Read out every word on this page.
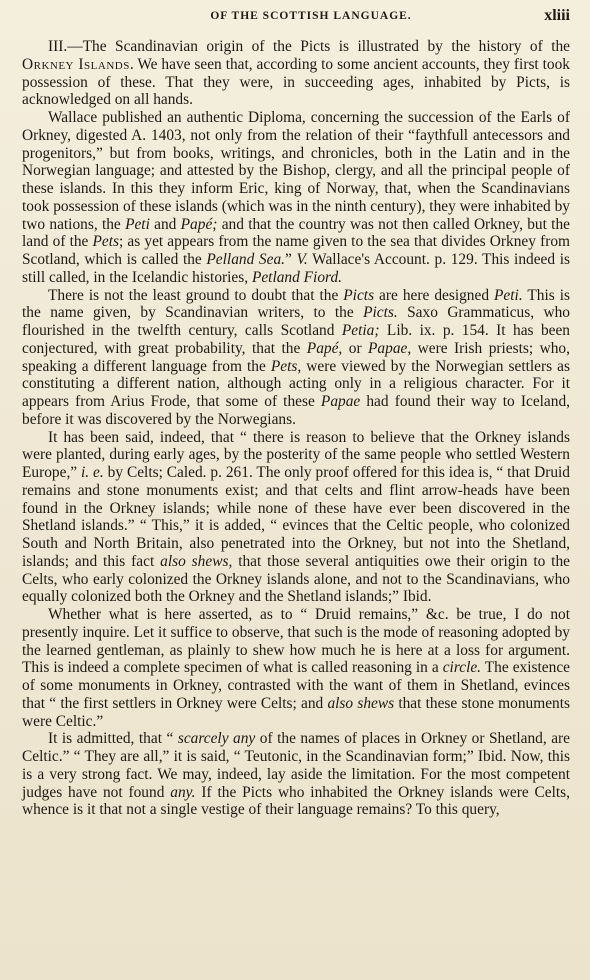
OF THE SCOTTISH LANGUAGE.	xliii

III.—The Scandinavian origin of the Picts is illustrated by the history of the Orkney Islands. We have seen that, according to some ancient accounts, they first took possession of these. That they were, in succeeding ages, inhabited by Picts, is acknowledged on all hands.

Wallace published an authentic Diploma, concerning the succession of the Earls of Orkney, digested A. 1403, not only from the relation of their “faythfull antecessors and progenitors,” but from books, writings, and chronicles, both in the Latin and in the Norwegian language; and attested by the Bishop, clergy, and all the principal people of these islands. In this they inform Eric, king of Norway, that, when the Scandinavians took possession of these islands (which was in the ninth century), they were inhabited by two nations, the Peti and Papé; and that the country was not then called Orkney, but the land of the Pets; as yet appears from the name given to the sea that divides Orkney from Scotland, which is called the Pelland Sea.” V. Wallace's Account. p. 129. This indeed is still called, in the Icelandic histories, Petland Fiord.

There is not the least ground to doubt that the Picts are here designed Peti. This is the name given, by Scandinavian writers, to the Picts. Saxo Grammaticus, who flourished in the twelfth century, calls Scotland Petia; Lib. ix. p. 154. It has been conjectured, with great probability, that the Papé, or Papae, were Irish priests; who, speaking a different language from the Pets, were viewed by the Norwegian settlers as constituting a different nation, although acting only in a religious character. For it appears from Arius Frode, that some of these Papae had found their way to Iceland, before it was discovered by the Norwegians.

It has been said, indeed, that “ there is reason to believe that the Orkney islands were planted, during early ages, by the posterity of the same people who settled Western Europe,” i. e. by Celts; Caled. p. 261. The only proof offered for this idea is, “ that Druid remains and stone monuments exist; and that celts and flint arrow-heads have been found in the Orkney islands; while none of these have ever been discovered in the Shetland islands.” “ This,” it is added, “ evinces that the Celtic people, who colonized South and North Britain, also penetrated into the Orkney, but not into the Shetland, islands; and this fact also shews, that those several antiquities owe their origin to the Celts, who early colonized the Orkney islands alone, and not to the Scandinavians, who equally colonized both the Orkney and the Shetland islands;” Ibid.

Whether what is here asserted, as to “ Druid remains,” &c. be true, I do not presently inquire. Let it suffice to observe, that such is the mode of reasoning adopted by the learned gentleman, as plainly to shew how much he is here at a loss for argument. This is indeed a complete specimen of what is called reasoning in a circle. The existence of some monuments in Orkney, contrasted with the want of them in Shetland, evinces that “ the first settlers in Orkney were Celts; and also shews that these stone monuments were Celtic.”

It is admitted, that “ scarcely any of the names of places in Orkney or Shetland, are Celtic.” “ They are all,” it is said, “ Teutonic, in the Scandinavian form;” Ibid. Now, this is a very strong fact. We may, indeed, lay aside the limitation. For the most competent judges have not found any. If the Picts who inhabited the Orkney islands were Celts, whence is it that not a single vestige of their language remains? To this query,
